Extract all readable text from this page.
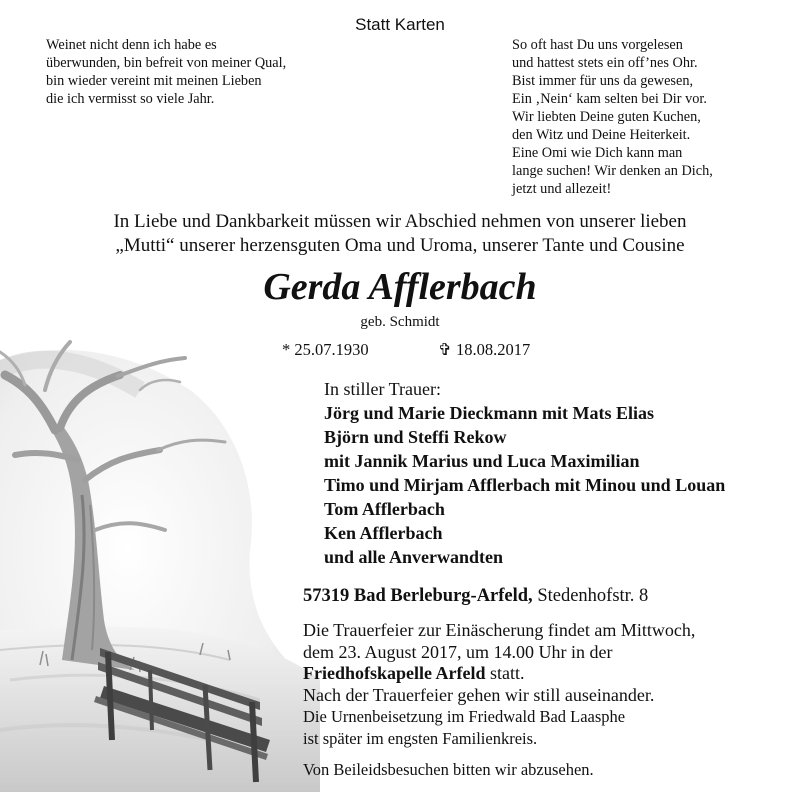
Statt Karten
Weinet nicht denn ich habe es
überwunden, bin befreit von meiner Qual,
bin wieder vereint mit meinen Lieben
die ich vermisst so viele Jahr.
So oft hast Du uns vorgelesen
und hattest stets ein off’nes Ohr.
Bist immer für uns da gewesen,
Ein ‚Nein‘ kam selten bei Dir vor.
Wir liebten Deine guten Kuchen,
den Witz und Deine Heiterkeit.
Eine Omi wie Dich kann man
lange suchen! Wir denken an Dich,
jetzt und allezeit!
In Liebe und Dankbarkeit müssen wir Abschied nehmen von unserer lieben
„Mutti“ unserer herzensguten Oma und Uroma, unserer Tante und Cousine
Gerda Afflerbach
geb. Schmidt
* 25.07.1930	✞ 18.08.2017
In stiller Trauer:
Jörg und Marie Dieckmann mit Mats Elias
Björn und Steffi Rekow
mit Jannik Marius und Luca Maximilian
Timo und Mirjam Afflerbach mit Minou und Louan
Tom Afflerbach
Ken Afflerbach
und alle Anverwandten
57319 Bad Berleburg-Arfeld, Stedenhofstr. 8
Die Trauerfeier zur Einäscherung findet am Mittwoch,
dem 23. August 2017, um 14.00 Uhr in der
Friedhofskapelle Arfeld statt.
Nach der Trauerfeier gehen wir still auseinander.
Die Urnenbeisetzung im Friedwald Bad Laasphe
ist später im engsten Familienkreis.
Von Beileidsbesuchen bitten wir abzusehen.
